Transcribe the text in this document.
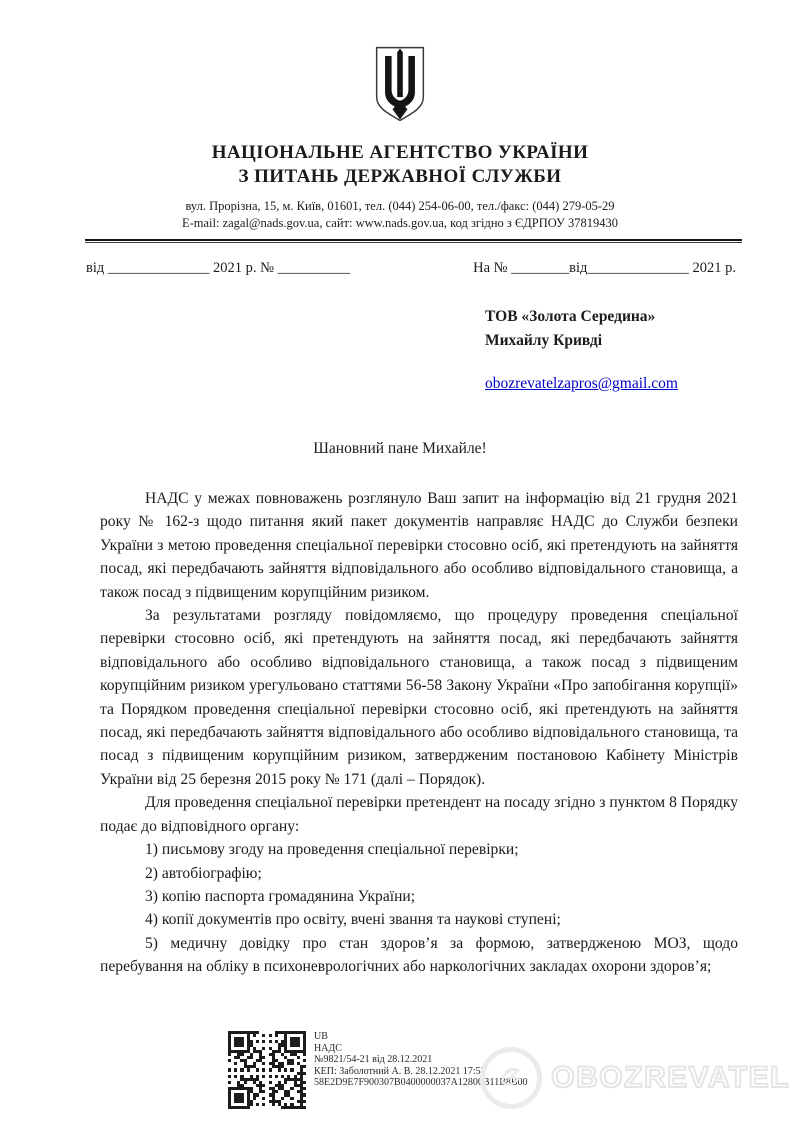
НАЦІОНАЛЬНЕ АГЕНТСТВО УКРАЇНИ
З ПИТАНЬ ДЕРЖАВНОЇ СЛУЖБИ
вул. Прорізна, 15, м. Київ, 01601, тел. (044) 254-06-00, тел./факс: (044) 279-05-29
E-mail: zagal@nads.gov.ua, сайт: www.nads.gov.ua, код згідно з ЄДРПОУ 37819430
від ______________ 2021 р. № __________	На № ________від______________ 2021 р.
ТОВ «Золота Середина»
Михайлу Кривді
obozrevatelzapros@gmail.com
Шановний пане Михайле!

НАДС у межах повноважень розглянуло Ваш запит на інформацію від 21 грудня 2021 року № 162-з щодо питання який пакет документів направляє НАДС до Служби безпеки України з метою проведення спеціальної перевірки стосовно осіб, які претендують на зайняття посад, які передбачають зайняття відповідального або особливо відповідального становища, а також посад з підвищеним корупційним ризиком.

За результатами розгляду повідомляємо, що процедуру проведення спеціальної перевірки стосовно осіб, які претендують на зайняття посад, які передбачають зайняття відповідального або особливо відповідального становища, а також посад з підвищеним корупційним ризиком урегульовано статтями 56-58 Закону України «Про запобігання корупції» та Порядком проведення спеціальної перевірки стосовно осіб, які претендують на зайняття посад, які передбачають зайняття відповідального або особливо відповідального становища, та посад з підвищеним корупційним ризиком, затвердженим постановою Кабінету Міністрів України від 25 березня 2015 року № 171 (далі – Порядок).

Для проведення спеціальної перевірки претендент на посаду згідно з пунктом 8 Порядку подає до відповідного органу:

1) письмову згоду на проведення спеціальної перевірки;

2) автобіографію;

3) копію паспорта громадянина України;

4) копії документів про освіту, вчені звання та наукові ступені;

5) медичну довідку про стан здоров’я за формою, затвердженою МОЗ, щодо перебування на обліку в психоневрологічних або наркологічних закладах охорони здоров’я;

UB
НАДС
№9821/54-21 від 28.12.2021
КЕП: Заболотний А. В. 28.12.2021 17:52
58E2D9E7F900307B0400000037A12800B11B8B00 OBOZREVATEL
